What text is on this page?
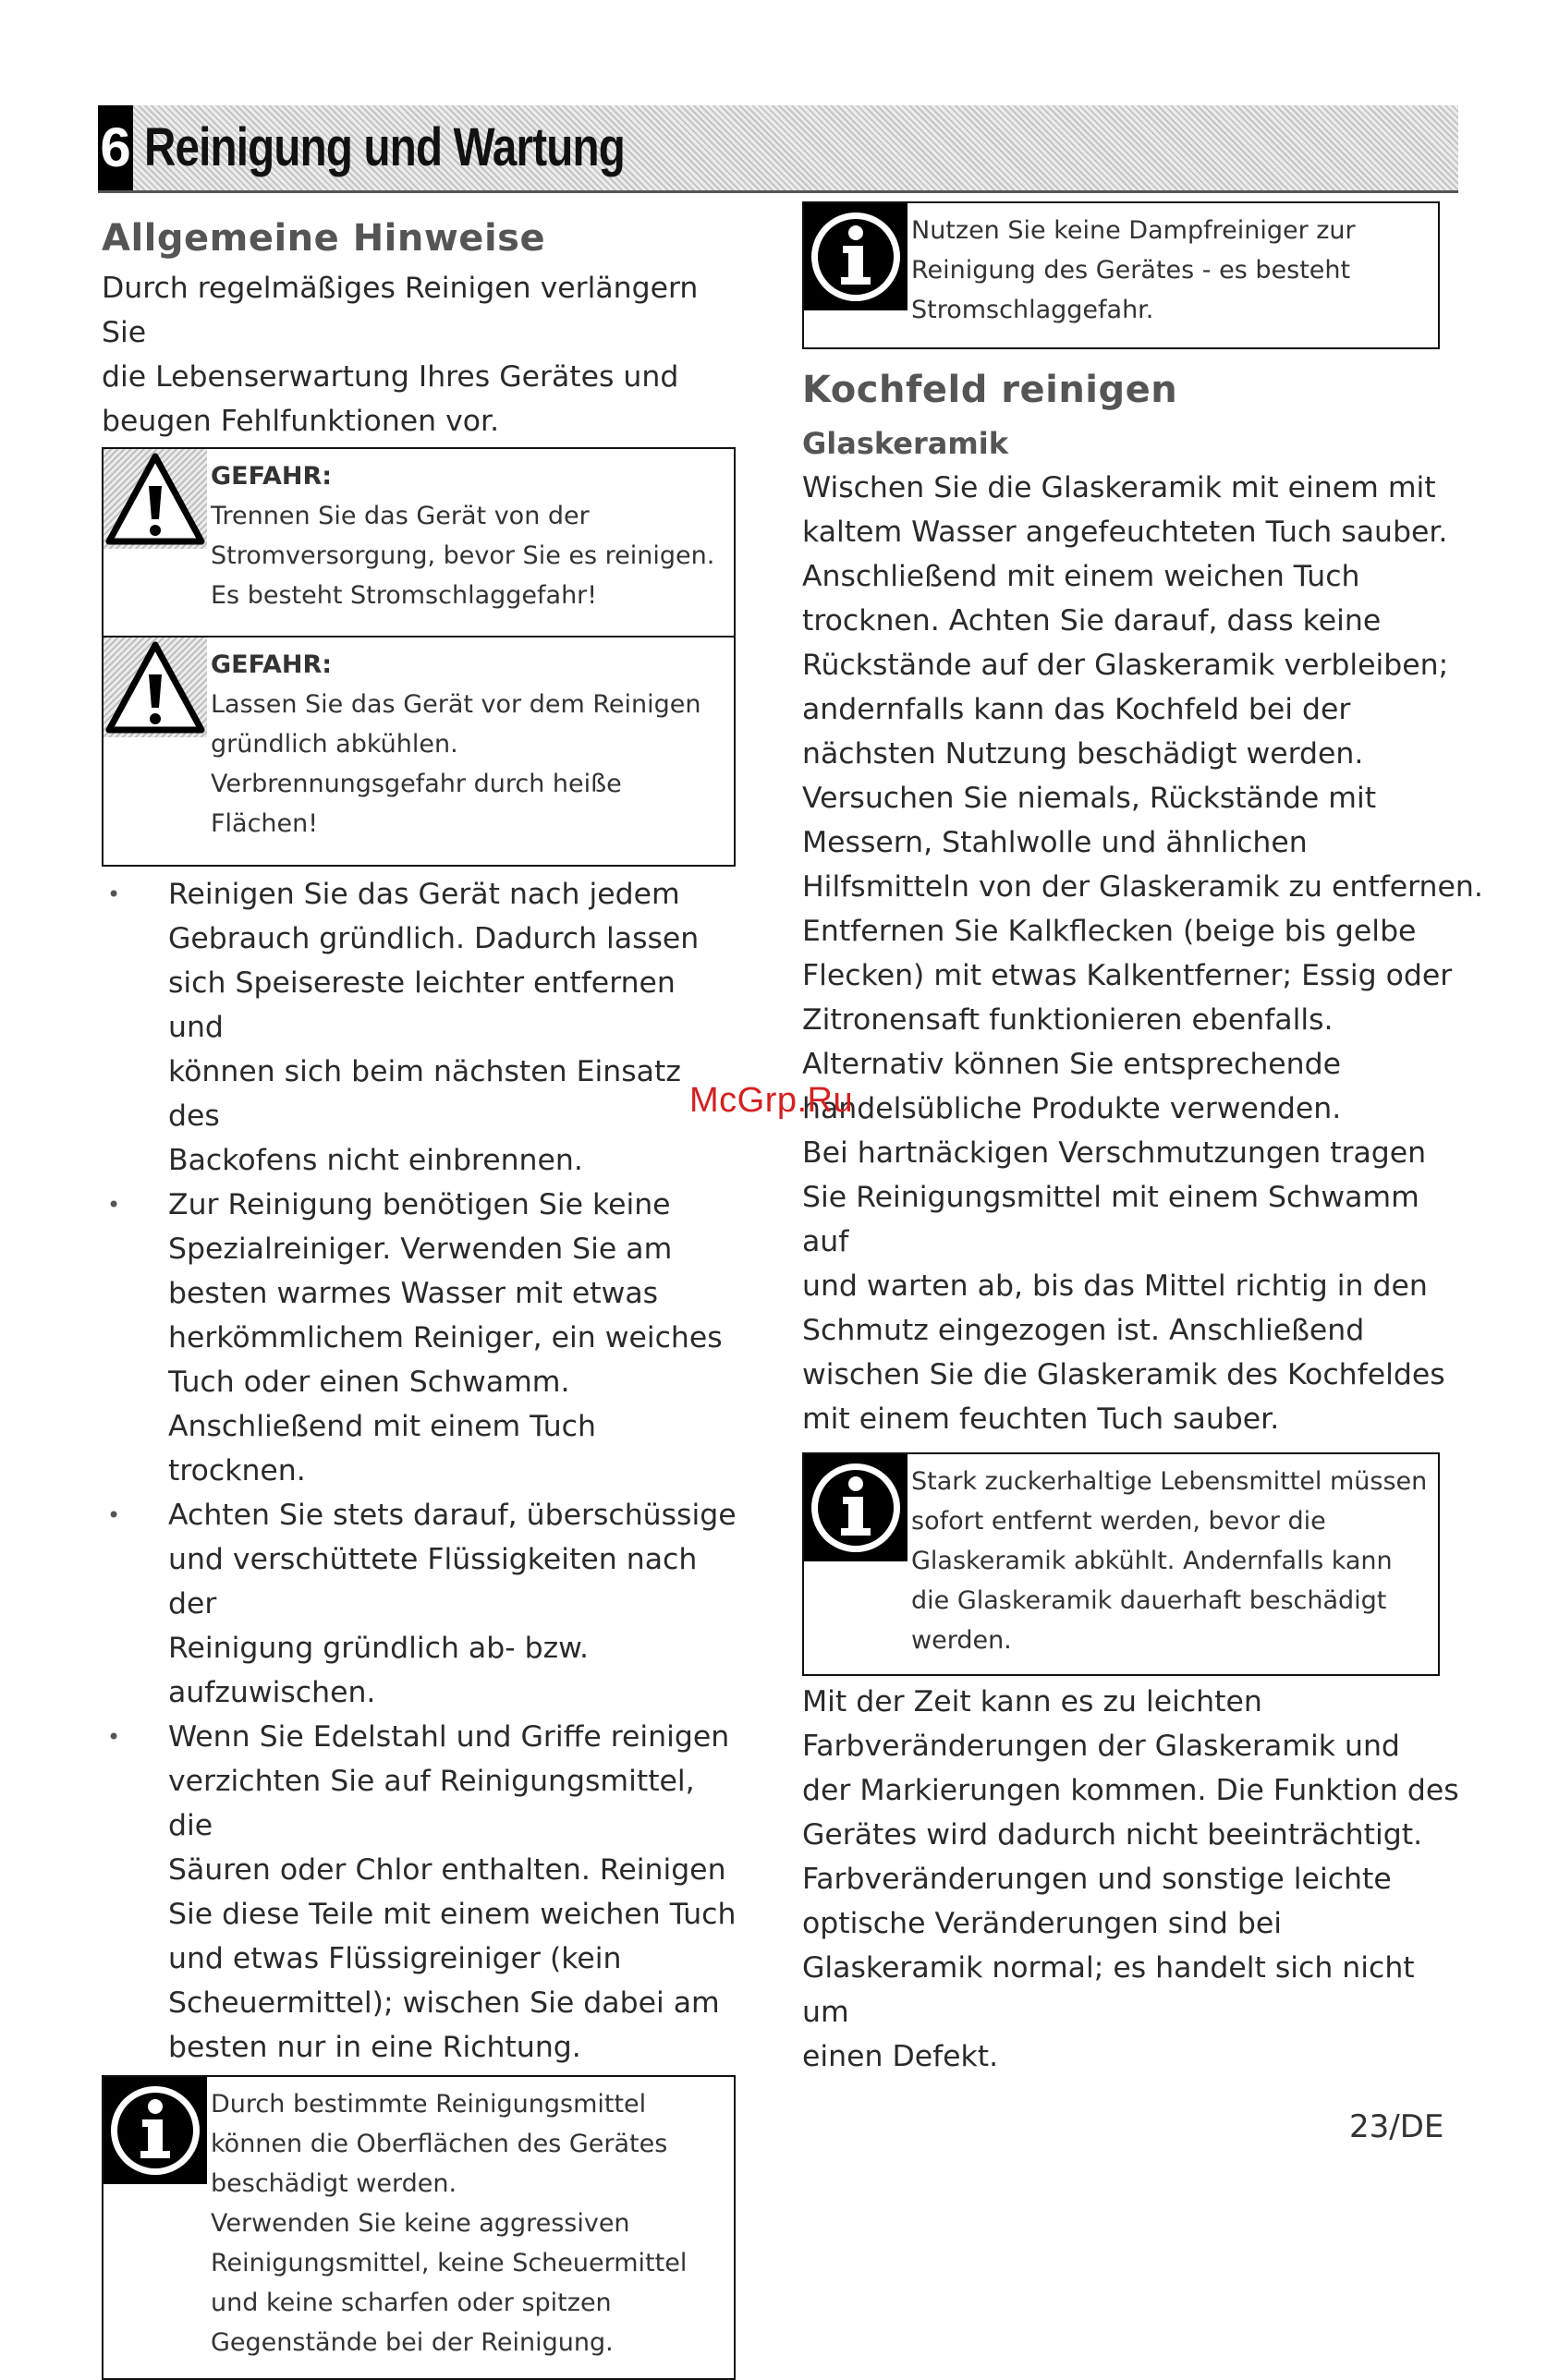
6 Reinigung und Wartung
Allgemeine Hinweise

Durch regelmäßiges Reinigen verlängern Sie

die Lebenserwartung Ihres Gerätes und

beugen Fehlfunktionen vor.

GEFAHR:

Trennen Sie das Gerät von der

Stromversorgung, bevor Sie es reinigen.

Es besteht Stromschlaggefahr!

GEFAHR:

Lassen Sie das Gerät vor dem Reinigen

gründlich abkühlen.

Verbrennungsgefahr durch heiße

Flächen!

• Reinigen Sie das Gerät nach jedem
Gebrauch gründlich. Dadurch lassen
sich Speisereste leichter entfernen und
können sich beim nächsten Einsatz des
Backofens nicht einbrennen.
• Zur Reinigung benötigen Sie keine
Spezialreiniger. Verwenden Sie am
besten warmes Wasser mit etwas
herkömmlichem Reiniger, ein weiches
Tuch oder einen Schwamm.
Anschließend mit einem Tuch trocknen.
• Achten Sie stets darauf, überschüssige
und verschüttete Flüssigkeiten nach der
Reinigung gründlich ab- bzw.
aufzuwischen.
• Wenn Sie Edelstahl und Griffe reinigen
verzichten Sie auf Reinigungsmittel, die
Säuren oder Chlor enthalten. Reinigen
Sie diese Teile mit einem weichen Tuch
und etwas Flüssigreiniger (kein
Scheuermittel); wischen Sie dabei am
besten nur in eine Richtung.

Durch bestimmte Reinigungsmittel

können die Oberflächen des Gerätes

beschädigt werden.

Verwenden Sie keine aggressiven

Reinigungsmittel, keine Scheuermittel

und keine scharfen oder spitzen

Gegenstände bei der Reinigung.

Nutzen Sie keine Dampfreiniger zur

Reinigung des Gerätes - es besteht

Stromschlaggefahr.

Kochfeld reinigen
Glaskeramik

Wischen Sie die Glaskeramik mit einem mit

kaltem Wasser angefeuchteten Tuch sauber.

Anschließend mit einem weichen Tuch

trocknen. Achten Sie darauf, dass keine

Rückstände auf der Glaskeramik verbleiben;

andernfalls kann das Kochfeld bei der

nächsten Nutzung beschädigt werden.

Versuchen Sie niemals, Rückstände mit

Messern, Stahlwolle und ähnlichen

Hilfsmitteln von der Glaskeramik zu entfernen.

Entfernen Sie Kalkflecken (beige bis gelbe

Flecken) mit etwas Kalkentferner; Essig oder

Zitronensaft funktionieren ebenfalls.

Alternativ können Sie entsprechende

handelsübliche Produkte verwenden.

Bei hartnäckigen Verschmutzungen tragen

Sie Reinigungsmittel mit einem Schwamm auf

und warten ab, bis das Mittel richtig in den

Schmutz eingezogen ist. Anschließend

wischen Sie die Glaskeramik des Kochfeldes

mit einem feuchten Tuch sauber.

Stark zuckerhaltige Lebensmittel müssen

sofort entfernt werden, bevor die

Glaskeramik abkühlt. Andernfalls kann

die Glaskeramik dauerhaft beschädigt

werden.

Mit der Zeit kann es zu leichten

Farbveränderungen der Glaskeramik und

der Markierungen kommen. Die Funktion des

Gerätes wird dadurch nicht beeinträchtigt.

Farbveränderungen und sonstige leichte

optische Veränderungen sind bei

Glaskeramik normal; es handelt sich nicht um

einen Defekt.

McGrp.Ru
23/DE
